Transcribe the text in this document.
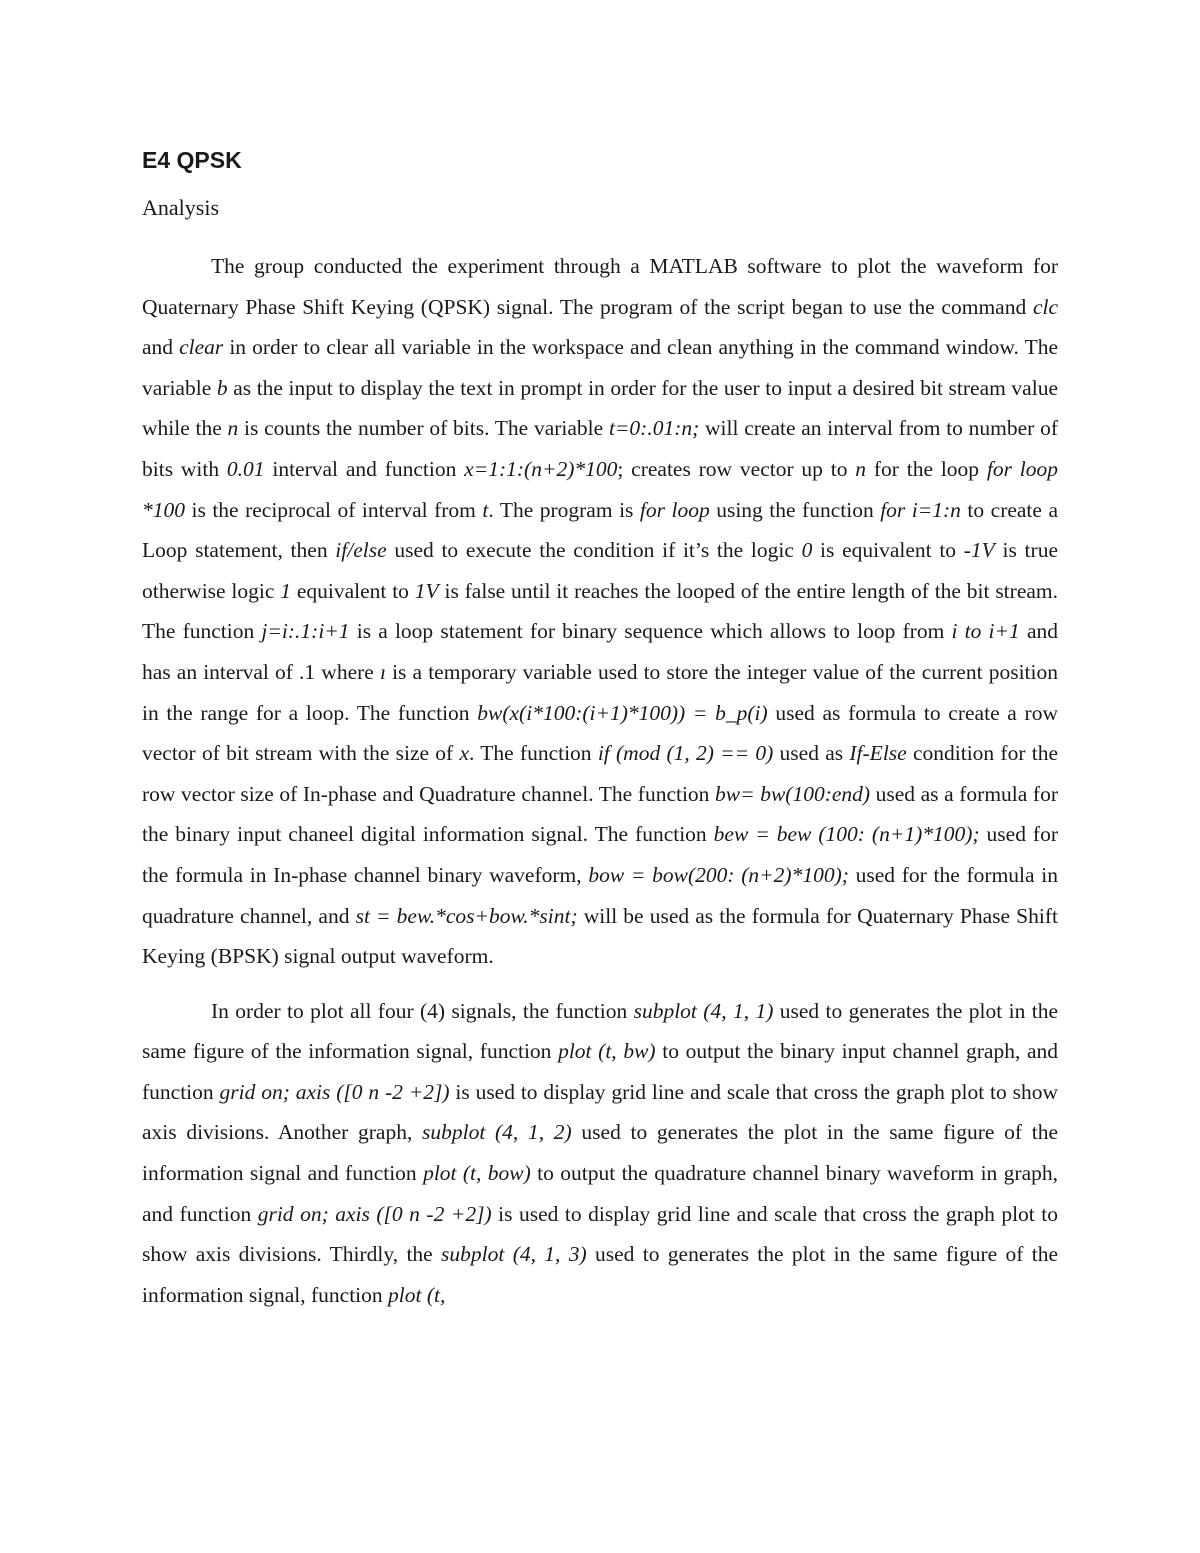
E4 QPSK
Analysis

The group conducted the experiment through a MATLAB software to plot the waveform for Quaternary Phase Shift Keying (QPSK) signal. The program of the script began to use the command clc and clear in order to clear all variable in the workspace and clean anything in the command window. The variable b as the input to display the text in prompt in order for the user to input a desired bit stream value while the n is counts the number of bits. The variable t=0:.01:n; will create an interval from to number of bits with 0.01 interval and function x=1:1:(n+2)*100; creates row vector up to n for the loop for loop *100 is the reciprocal of interval from t. The program is for loop using the function for i=1:n to create a Loop statement, then if/else used to execute the condition if it’s the logic 0 is equivalent to -1V is true otherwise logic 1 equivalent to 1V is false until it reaches the looped of the entire length of the bit stream. The function j=i:.1:i+1 is a loop statement for binary sequence which allows to loop from i to i+1 and has an interval of .1 where ı is a temporary variable used to store the integer value of the current position in the range for a loop. The function bw(x(i*100:(i+1)*100)) = b_p(i) used as formula to create a row vector of bit stream with the size of x. The function if (mod (1, 2) == 0) used as If-Else condition for the row vector size of In-phase and Quadrature channel. The function bw= bw(100:end) used as a formula for the binary input chaneel digital information signal. The function bew = bew (100: (n+1)*100); used for the formula in In-phase channel binary waveform, bow = bow(200: (n+2)*100); used for the formula in quadrature channel, and st = bew.*cos+bow.*sint; will be used as the formula for Quaternary Phase Shift Keying (BPSK) signal output waveform.

In order to plot all four (4) signals, the function subplot (4, 1, 1) used to generates the plot in the same figure of the information signal, function plot (t, bw) to output the binary input channel graph, and function grid on; axis ([0 n -2 +2]) is used to display grid line and scale that cross the graph plot to show axis divisions. Another graph, subplot (4, 1, 2) used to generates the plot in the same figure of the information signal and function plot (t, bow) to output the quadrature channel binary waveform in graph, and function grid on; axis ([0 n -2 +2]) is used to display grid line and scale that cross the graph plot to show axis divisions. Thirdly, the subplot (4, 1, 3) used to generates the plot in the same figure of the information signal, function plot (t,
